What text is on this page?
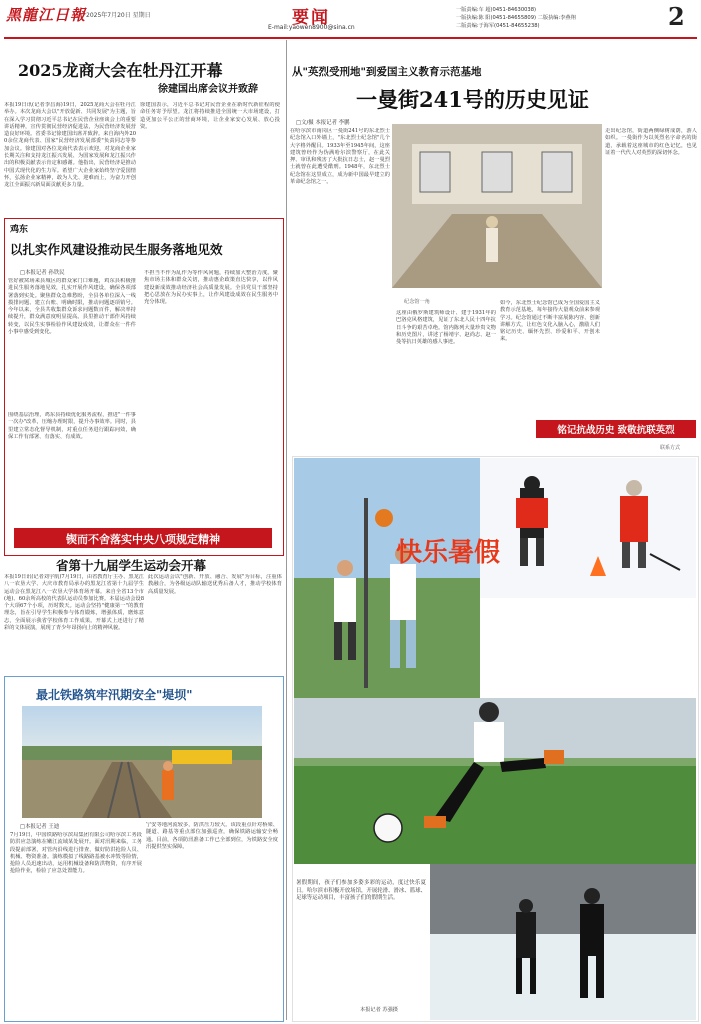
黑龍江日報 2025年7月20日 星期日	要闻
E-mail:yaowen8900@sina.cn
一版责编:车 超(0451-84630038)
一版执编:陈 阳(0451-84655809) 二版执编:李燕翔
二版责编:于海军(0451-84655238)	2
2025龙商大会在牡丹江开幕
徐建国出席会议并致辞
本报19日讯(记者李昌海)19日，2025龙商大会在牡丹江举办。本次龙商大会以"开放促新、共同发展"为主题，旨在深入学习贯彻习近平总书记在民营企业座谈会上的重要讲话精神，宣传贯彻民营经济促进法，为民营经济发展营造良好环境。省委书记徐建国出席并致辞。来自海内外200余位龙商代表、国家"民营经济发展部委"负责同志等参加会议。徐建国对各位龙商代表表示欢迎，对龙商企业家长期关注和支持龙江振兴发展、为国家发展和龙江振兴作出的积极贡献表示肯定和感谢。他指出，民营经济是推动中国式现代化的生力军。希望广大企业家始终坚守爱国情怀，弘扬企业家精神，敢为人先、迎难而上，为奋力开创龙江全面振兴新局面贡献更多力量。
徐建国表示，习近平总书记对民营企业在新时代新征程的使命任务寄予厚望。龙江将持续推进全国统一大市场建设，打造更加公平公正的营商环境，让企业家安心发展、放心投资。
鸡东
以扎实作风建设推动民生服务落地见效
□本报记者 孙铁民
管好被窝场来县城区的群众家门口难题，鸡东县积极推进民生服务落地见效，扎实开展作风建设，确保各项部署落到实处。聚焦群众急难愁盼，全县各单位深入一线摸排问题、建立台账、明确时限，推动问题逐项销号。今年以来，全县共收集群众诉求问题数百件，解决率持续提升，群众满意度明显提高。县里推动干部作风持续转变，以民生实事检验作风建设成效，让群众在一件件小事中感受到变化。
围绕基层治理，鸡东县持续优化服务流程，推进"一件事一次办"改革，压缩办理时限，提升办事效率。同时，县里建立常态化督导机制，对重点任务进行跟踪问效，确保工作有部署、有落实、有成效。
不担当不作为乱作为等作风问题，持续加大整治力度。聚焦市场主体和群众关切，推动惠企政策直达快享，以作风建设新成效推动经济社会高质量发展。全县党员干部坚持把心思放在为民办实事上，让作风建设成效在民生服务中充分体现。
锲而不舍落实中央八项规定精神
省第十九届学生运动会开幕
本报19日讯(记者刘宇航)7月19日，由省教育厅主办、黑龙江八一农垦大学、大庆市教育局承办的黑龙江省第十九届学生运动会在黑龙江八一农垦大学体育场开幕。来自全省13个市(地)、60余所高校的代表队运动员参加比赛。本届运动会设8个大项67个小项，历时数天。运动会坚持"健康第一"的教育理念，旨在引导学生积极参与体育锻炼，增强体质，磨炼意志，全面展示我省学校体育工作成果。开幕式上还进行了精彩的文体展演，展现了青少年昂扬向上的精神风貌。
此次运动会以"创新、开放、融合、发展"为目标，注重体教融合，为各级运动队输送优秀后备人才，推动学校体育高质量发展。
最北铁路筑牢汛期安全"堤坝"
□本报记者 王迪
7月19日，中国铁路哈尔滨局集团有限公司哈尔滨工务段防洪应急演练在嫩江流域某处展开。面对汛期来临，工务段提前部署，对管内沿线进行排查，做好防洪抢险人员、机械、物资准备。演练模拟了线路路基被水冲毁等险情，抢险人员迅速出动，运用机械设备和防洪物资，有序开展抢险作业，检验了应急处置能力。
宁安等地河流较多，防洪压力较大。该段重点针对桥梁、隧道、路基等重点部位加强巡查，确保铁路运输安全畅通。目前，各项防汛准备工作已全部到位，为铁路安全度汛提供坚实保障。
从"英烈受刑地"到爱国主义教育示范基地
一曼街241号的历史见证
□文/摄 本报记者 李鹏
在哈尔滨市南岗区一曼街241号的东北烈士纪念馆入口外墙上，"东北烈士纪念馆"几个大字格外醒目。1933年至1945年间，这座建筑曾经作为伪满哈尔滨警察厅，在此关押、审讯和残害了大批抗日志士，赵一曼烈士就曾在此遭受酷刑。1948年，东北烈士纪念馆在这里成立，成为新中国最早建立的革命纪念馆之一。
纪念馆一角
这座由俄罗斯建筑师设计、建于1931年的巴洛克风格建筑，见证了东北人民十四年抗日斗争的艰苦卓绝。馆内陈列大量珍贵文物和历史图片，讲述了杨靖宇、赵尚志、赵一曼等抗日英雄的感人事迹。
如今，东北烈士纪念馆已成为全国爱国主义教育示范基地，每年接待大量观众前来参观学习。纪念馆通过不断丰富展陈内容、创新讲解方式，让红色文化入脑入心，激励人们铭记历史、缅怀先烈、珍爱和平、开创未来。
走出纪念馆，街道两侧绿树成荫，游人如织。一曼街作为以英烈名字命名的街道，承载着这座城市的红色记忆，也见证着一代代人对英烈的深切怀念。
铭记抗战历史 致敬抗联英烈
联系方式
快乐暑假
暑假期间，孩子们参加多姿多彩的运动，度过快乐夏日。哈尔滨市积极开放场馆，开展轮滑、滑冰、篮球、足球等运动项目，丰富孩子们的假期生活。
本报记者 苏强摄
